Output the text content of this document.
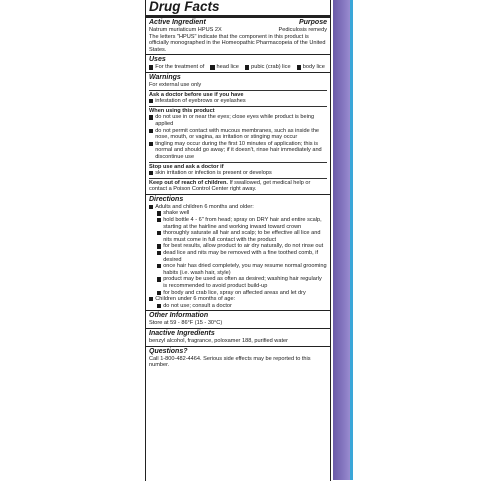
Drug Facts
Active Ingredient	Purpose
Natrum muriaticum HPUS 2X	Pediculosis remedy
The letters "HPUS" indicate that the component in this product is officially monographed in the Homeopathic Pharmacopeia of the United States.
Uses
For the treatment of head lice pubic (crab) lice body lice
Warnings
For external use only
Ask a doctor before use if you have
infestation of eyebrows or eyelashes
When using this product
do not use in or near the eyes; close eyes while product is being applied
do not permit contact with mucous membranes, such as inside the nose, mouth, or vagina, as irritation or stinging may occur
tingling may occur during the first 10 minutes of application; this is normal and should go away; if it doesn't, rinse hair immediately and discontinue use
Stop use and ask a doctor if
skin irritation or infection is present or develops
Keep out of reach of children. If swallowed, get medical help or contact a Poison Control Center right away.
Directions
Adults and children 6 months and older:
shake well
hold bottle 4 - 6" from head; spray on DRY hair and entire scalp, starting at the hairline and working inward toward crown
thoroughly saturate all hair and scalp; to be effective all lice and nits must come in full contact with the product
for best results, allow product to air dry naturally, do not rinse out
dead lice and nits may be removed with a fine toothed comb, if desired
once hair has dried completely, you may resume normal grooming habits (i.e. wash hair, style)
product may be used as often as desired; washing hair regularly is recommended to avoid product build-up
for body and crab lice, spray on affected areas and let dry
Children under 6 months of age:
do not use; consult a doctor
Other Information
Store at 59 - 86°F (15 - 30°C)
Inactive Ingredients
benzyl alcohol, fragrance, poloxamer 188, purified water
Questions?
Call 1-800-482-4464. Serious side effects may be reported to this number.
